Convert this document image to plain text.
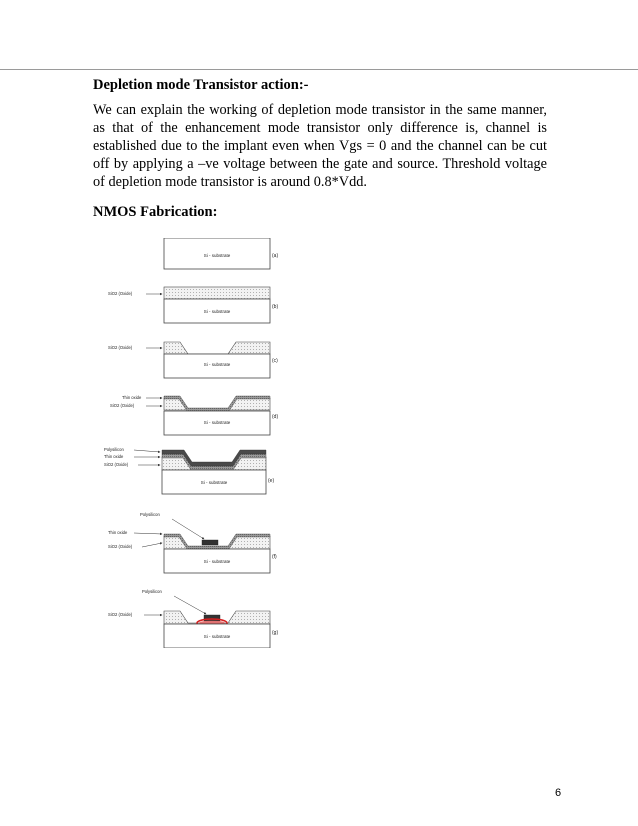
Depletion mode Transistor action:-

We can explain the working of depletion mode transistor in the same manner, as that of the enhancement mode transistor only difference is, channel is established due to the implant even when Vgs = 0 and the channel can be cut off by applying a –ve voltage between the gate and source. Threshold voltage of depletion mode transistor is around 0.8*Vdd.

NMOS Fabrication:
Si - substrate	(a)
Si - substrate
SiO2 (Oxide)
(b)
Si - substrate
SiO2 (Oxide)
(c)
Si - substrate
Thin oxide
SiO2 (Oxide)
(d)
Si - substrate
Polysilicon
Thin oxide
SiO2 (Oxide)
(e)
Si - substrate
Polysilicon
Thin oxide
SiO2 (Oxide)
(f)
Si - substrate
Polysilicon
SiO2 (Oxide)
(g)
6
